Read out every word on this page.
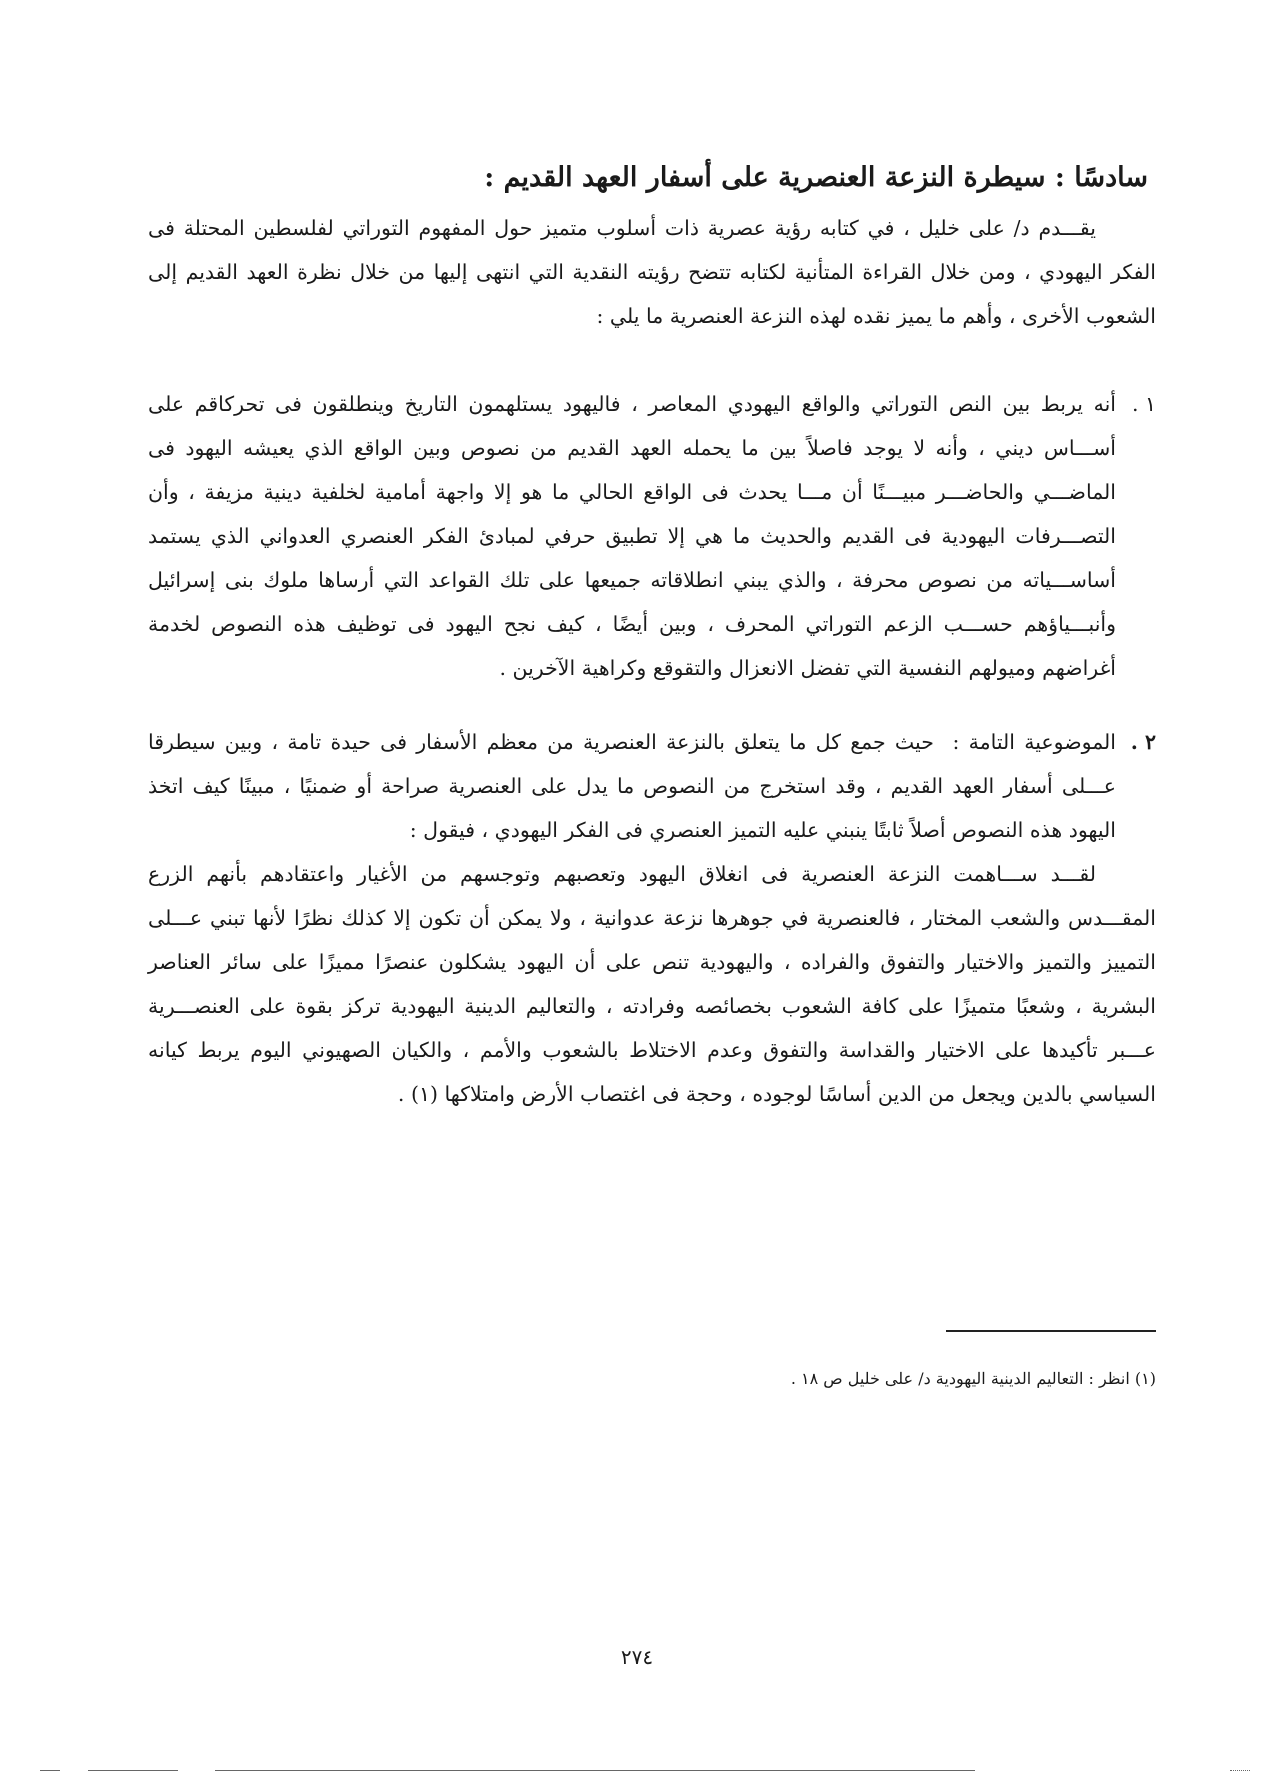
سادسًا : سيطرة النزعة العنصرية على أسفار العهد القديم :

يقـــدم د/ على خليل ، في كتابه رؤية عصرية ذات أسلوب متميز حول المفهوم التوراتي لفلسطين المحتلة فى الفكر اليهودي ، ومن خلال القراءة المتأنية لكتابه تتضح رؤيته النقدية التي انتهى إليها من خلال نظرة العهد القديم إلى الشعوب الأخرى ، وأهم ما يميز نقده لهذه النزعة العنصرية ما يلي :

١ .
أنه يربط بين النص التوراتي والواقع اليهودي المعاصر ، فاليهود يستلهمون التاريخ وينطلقون فى تحركاقم على أســـاس ديني ، وأنه لا يوجد فاصلاً بين ما يحمله العهد القديم من نصوص وبين الواقع الذي يعيشه اليهود فى الماضـــي والحاضـــر مبيـــنًا أن مـــا يحدث فى الواقع الحالي ما هو إلا واجهة أمامية لخلفية دينية مزيفة ، وأن التصـــرفات اليهودية فى القديم والحديث ما هي إلا تطبيق حرفي لمبادئ الفكر العنصري العدواني الذي يستمد أساســـياته من نصوص محرفة ، والذي يبني انطلاقاته جميعها على تلك القواعد التي أرساها ملوك بنى إسرائيل وأنبـــياؤهم حســـب الزعم التوراتي المحرف ، وبين أيضًا ، كيف نجح اليهود فى توظيف هذه النصوص لخدمة أغراضهم وميولهم النفسية التي تفضل الانعزال والتقوقع وكراهية الآخرين .
٢ .
الموضوعية التامة :  حيث جمع كل ما يتعلق بالنزعة العنصرية من معظم الأسفار فى حيدة تامة ، وبين سيطرقا عـــلى أسفار العهد القديم ، وقد استخرج من النصوص ما يدل على العنصرية صراحة أو ضمنيًا ، مبينًا كيف اتخذ اليهود هذه النصوص أصلاً ثابتًا ينبني عليه التميز العنصري فى الفكر اليهودي ، فيقول :

لقـــد ســـاهمت النزعة العنصرية فى انغلاق اليهود وتعصبهم وتوجسهم من الأغيار واعتقادهم بأنهم الزرع المقـــدس والشعب المختار ، فالعنصرية في جوهرها نزعة عدوانية ، ولا يمكن أن تكون إلا كذلك نظرًا لأنها تبني عـــلى التمييز والتميز والاختيار والتفوق والفراده ، واليهودية تنص على أن اليهود يشكلون عنصرًا مميزًا على سائر العناصر البشرية ، وشعبًا متميزًا على كافة الشعوب بخصائصه وفرادته ، والتعاليم الدينية اليهودية تركز بقوة على العنصـــرية عـــبر تأكيدها على الاختيار والقداسة والتفوق وعدم الاختلاط بالشعوب والأمم ، والكيان الصهيوني اليوم يربط كيانه السياسي بالدين ويجعل من الدين أساسًا لوجوده ، وحجة فى اغتصاب الأرض وامتلاكها (١) .

(١) انظر : التعاليم الدينية اليهودية د/ على خليل ص ١٨ .
٢٧٤
